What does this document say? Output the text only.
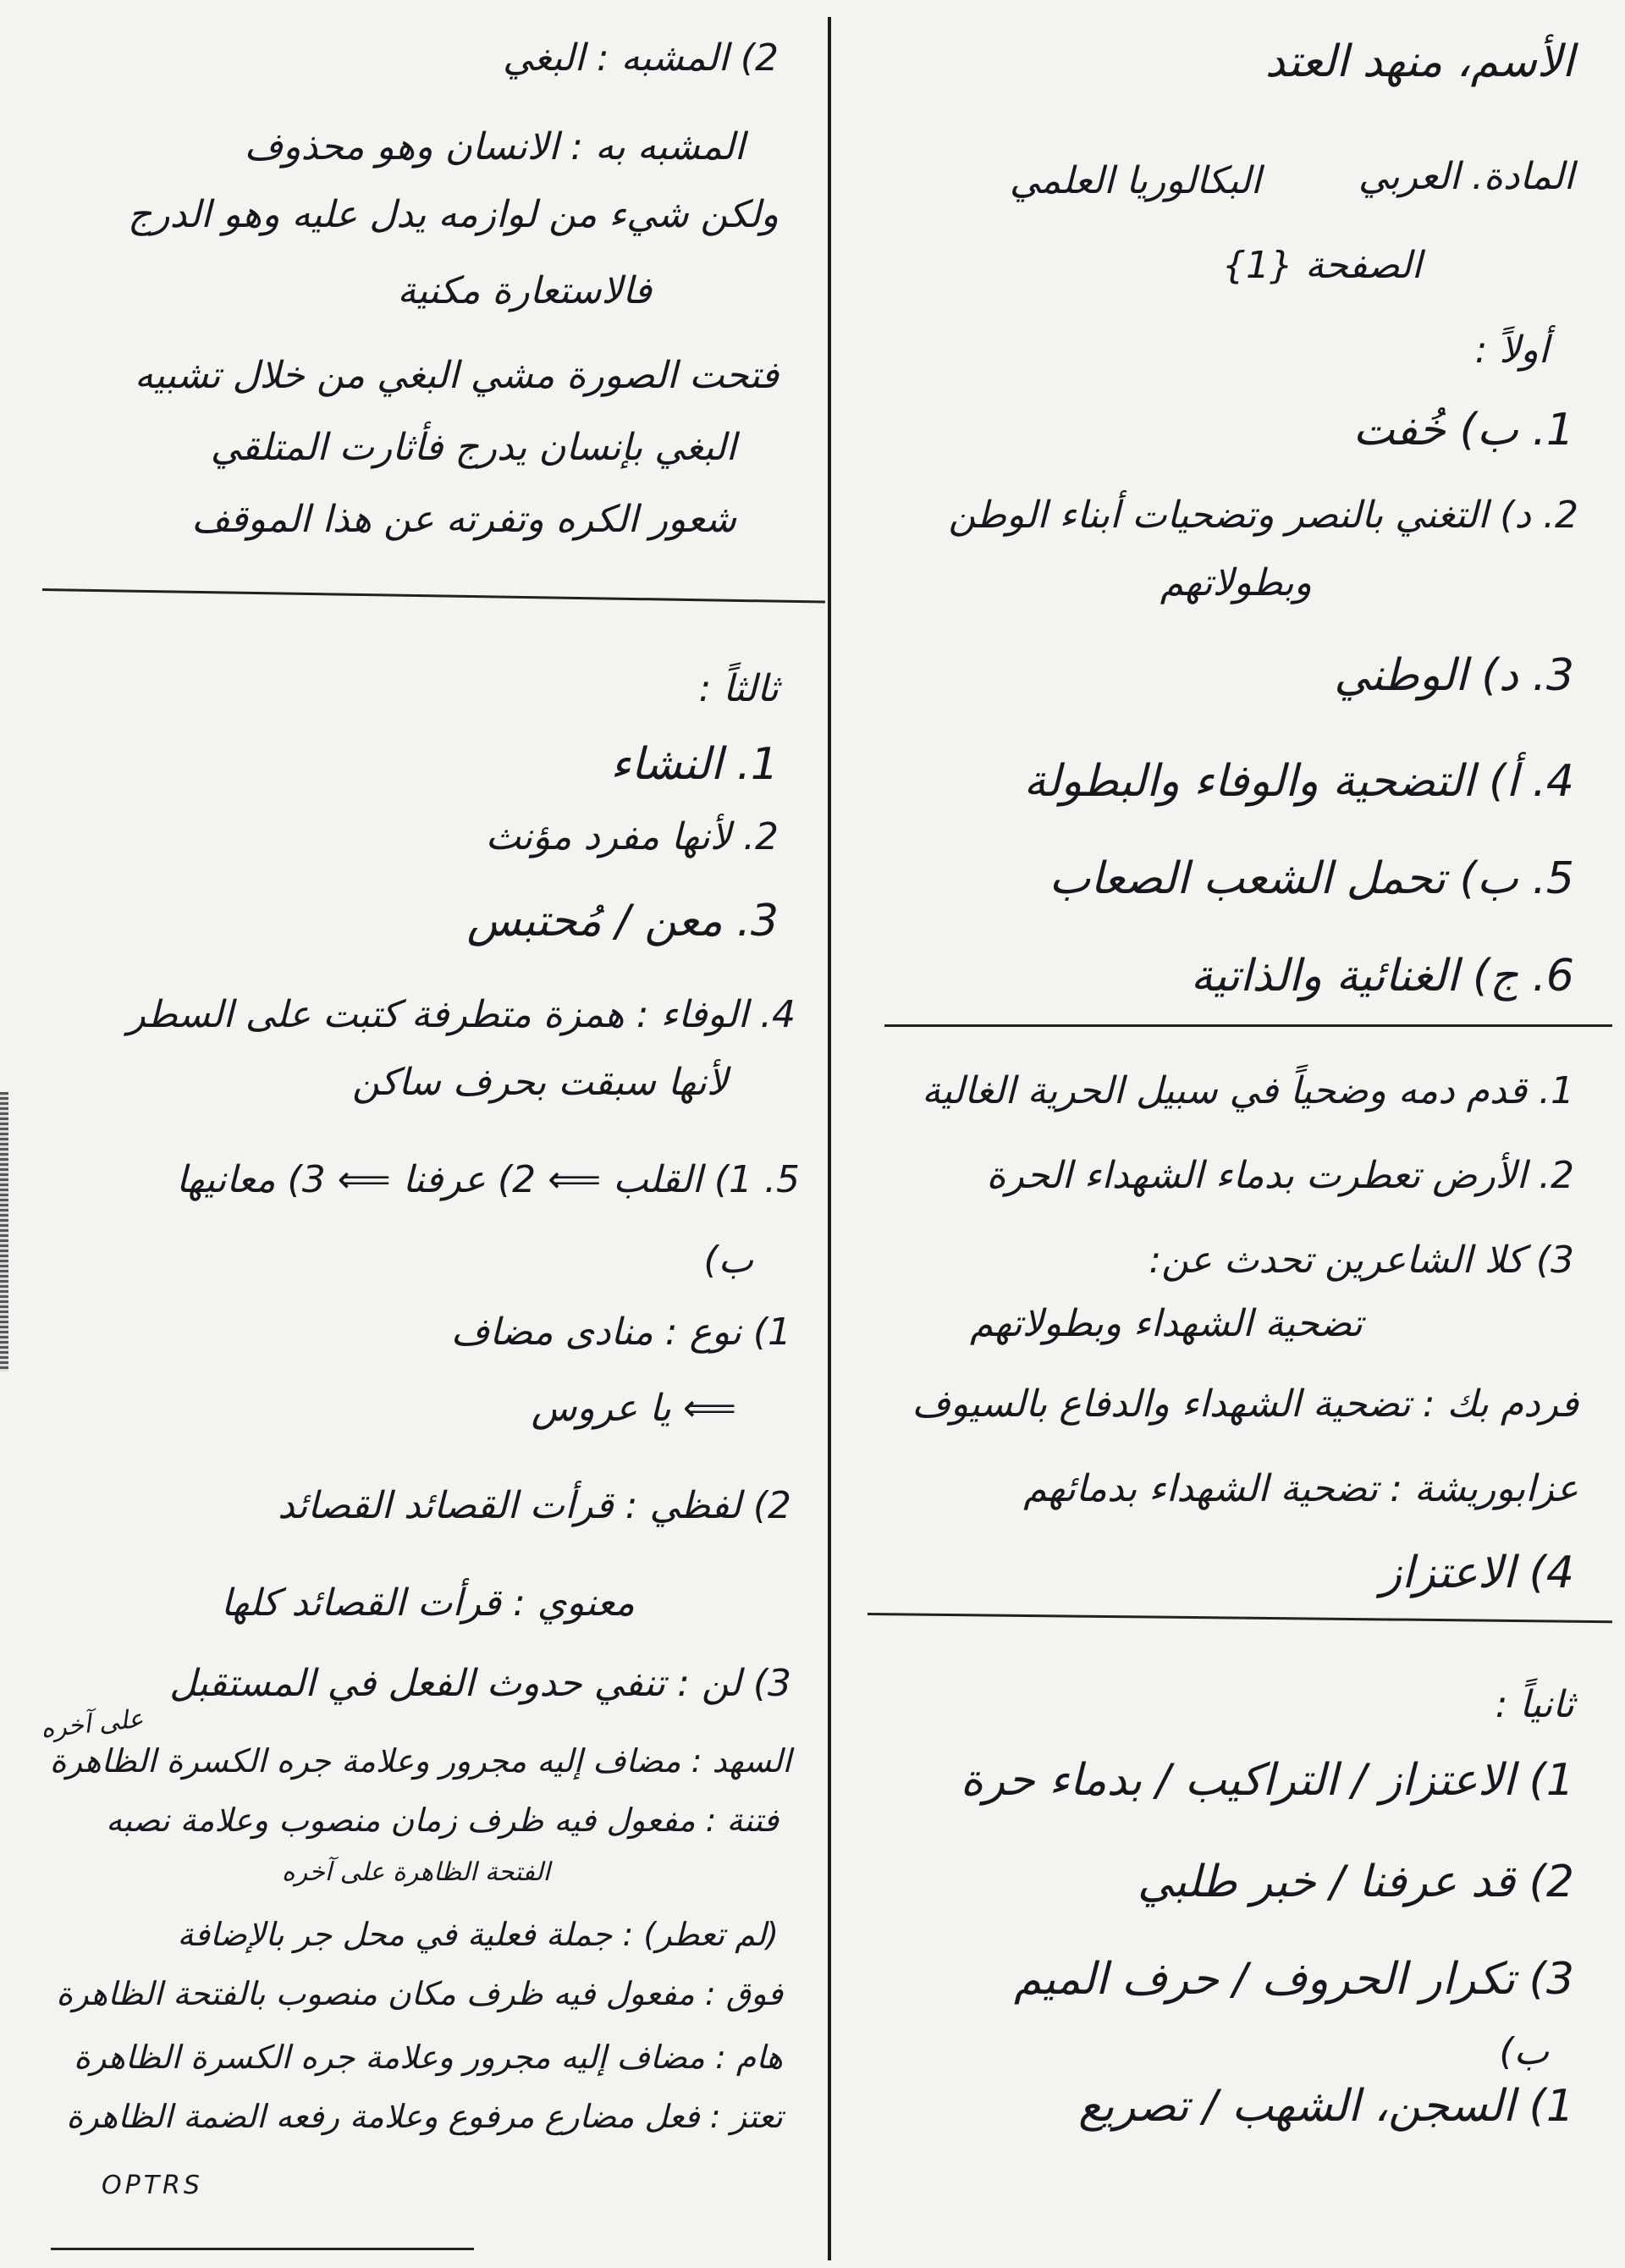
الأسم، منهد العتد
المادة. العربي
البكالوريا العلمي
الصفحة {1}
أولاً :
1. ب) خُفت
2. د) التغني بالنصر وتضحيات أبناء الوطن
وبطولاتهم
3. د) الوطني
4. أ) التضحية والوفاء والبطولة
5. ب) تحمل الشعب الصعاب
6. ج) الغنائية والذاتية
1. قدم دمه وضحياً في سبيل الحرية الغالية
2. الأرض تعطرت بدماء الشهداء الحرة
3) كلا الشاعرين تحدث عن:
تضحية الشهداء وبطولاتهم
فردم بك : تضحية الشهداء والدفاع بالسيوف
عزابوريشة : تضحية الشهداء بدمائهم
4) الاعتزاز
ثانياً :
1) الاعتزاز / التراكيب / بدماء حرة
2) قد عرفنا / خبر طلبي
3) تكرار الحروف / حرف الميم
ب)
1) السجن، الشهب / تصريع
2) المشبه : البغي
المشبه به : الانسان وهو محذوف
ولكن شيء من لوازمه يدل عليه وهو الدرج
فالاستعارة مكنية
فتحت الصورة مشي البغي من خلال تشبيه
البغي بإنسان يدرج فأثارت المتلقي
شعور الكره وتفرته عن هذا الموقف
ثالثاً :
1. النشاء
2. لأنها مفرد مؤنث
3. معن / مُحتبس
4. الوفاء : همزة متطرفة كتبت على السطر
لأنها سبقت بحرف ساكن
5. 1) القلب ⟸ 2) عرفنا ⟸ 3) معانيها
ب)
1) نوع : منادى مضاف
⟸ يا عروس
2) لفظي : قرأت القصائد القصائد
معنوي : قرأت القصائد كلها
3) لن : تنفي حدوث الفعل في المستقبل
السهد : مضاف إليه مجرور وعلامة جره الكسرة الظاهرة
فتنة : مفعول فيه ظرف زمان منصوب وعلامة نصبه
الفتحة الظاهرة على آخره
(لم تعطر) : جملة فعلية في محل جر بالإضافة
فوق : مفعول فيه ظرف مكان منصوب بالفتحة الظاهرة
هام : مضاف إليه مجرور وعلامة جره الكسرة الظاهرة
تعتز : فعل مضارع مرفوع وعلامة رفعه الضمة الظاهرة
على آخره
OPTRS
